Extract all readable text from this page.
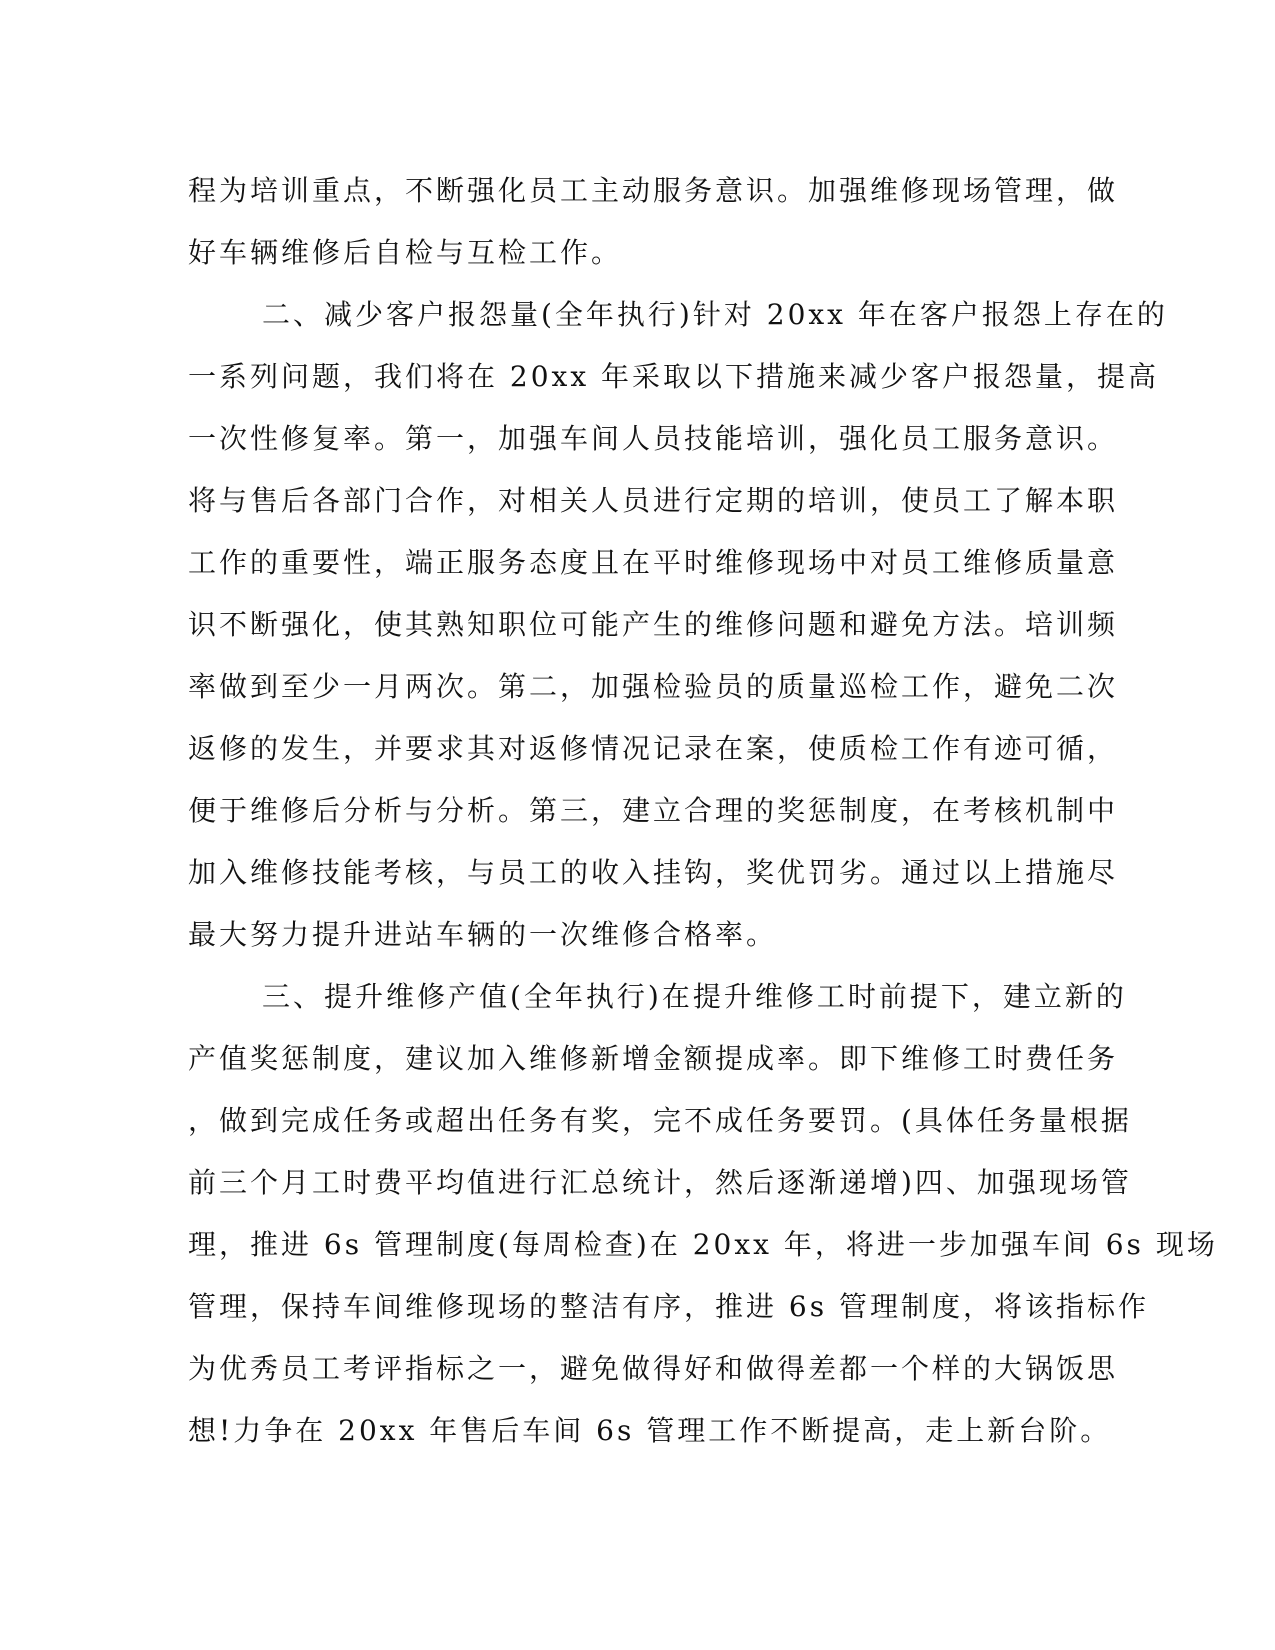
程为培训重点，不断强化员工主动服务意识。加强维修现场管理，做
好车辆维修后自检与互检工作。
二、减少客户报怨量(全年执行)针对 20xx 年在客户报怨上存在的
一系列问题，我们将在 20xx 年采取以下措施来减少客户报怨量，提高
一次性修复率。第一，加强车间人员技能培训，强化员工服务意识。
将与售后各部门合作，对相关人员进行定期的培训，使员工了解本职
工作的重要性，端正服务态度且在平时维修现场中对员工维修质量意
识不断强化，使其熟知职位可能产生的维修问题和避免方法。培训频
率做到至少一月两次。第二，加强检验员的质量巡检工作，避免二次
返修的发生，并要求其对返修情况记录在案，使质检工作有迹可循，
便于维修后分析与分析。第三，建立合理的奖惩制度，在考核机制中
加入维修技能考核，与员工的收入挂钩，奖优罚劣。通过以上措施尽
最大努力提升进站车辆的一次维修合格率。
三、提升维修产值(全年执行)在提升维修工时前提下，建立新的
产值奖惩制度，建议加入维修新增金额提成率。即下维修工时费任务
，做到完成任务或超出任务有奖，完不成任务要罚。(具体任务量根据
前三个月工时费平均值进行汇总统计，然后逐渐递增)四、加强现场管
理，推进 6s 管理制度(每周检查)在 20xx 年，将进一步加强车间 6s 现场
管理，保持车间维修现场的整洁有序，推进 6s 管理制度，将该指标作
为优秀员工考评指标之一，避免做得好和做得差都一个样的大锅饭思
想!力争在 20xx 年售后车间 6s 管理工作不断提高，走上新台阶。
